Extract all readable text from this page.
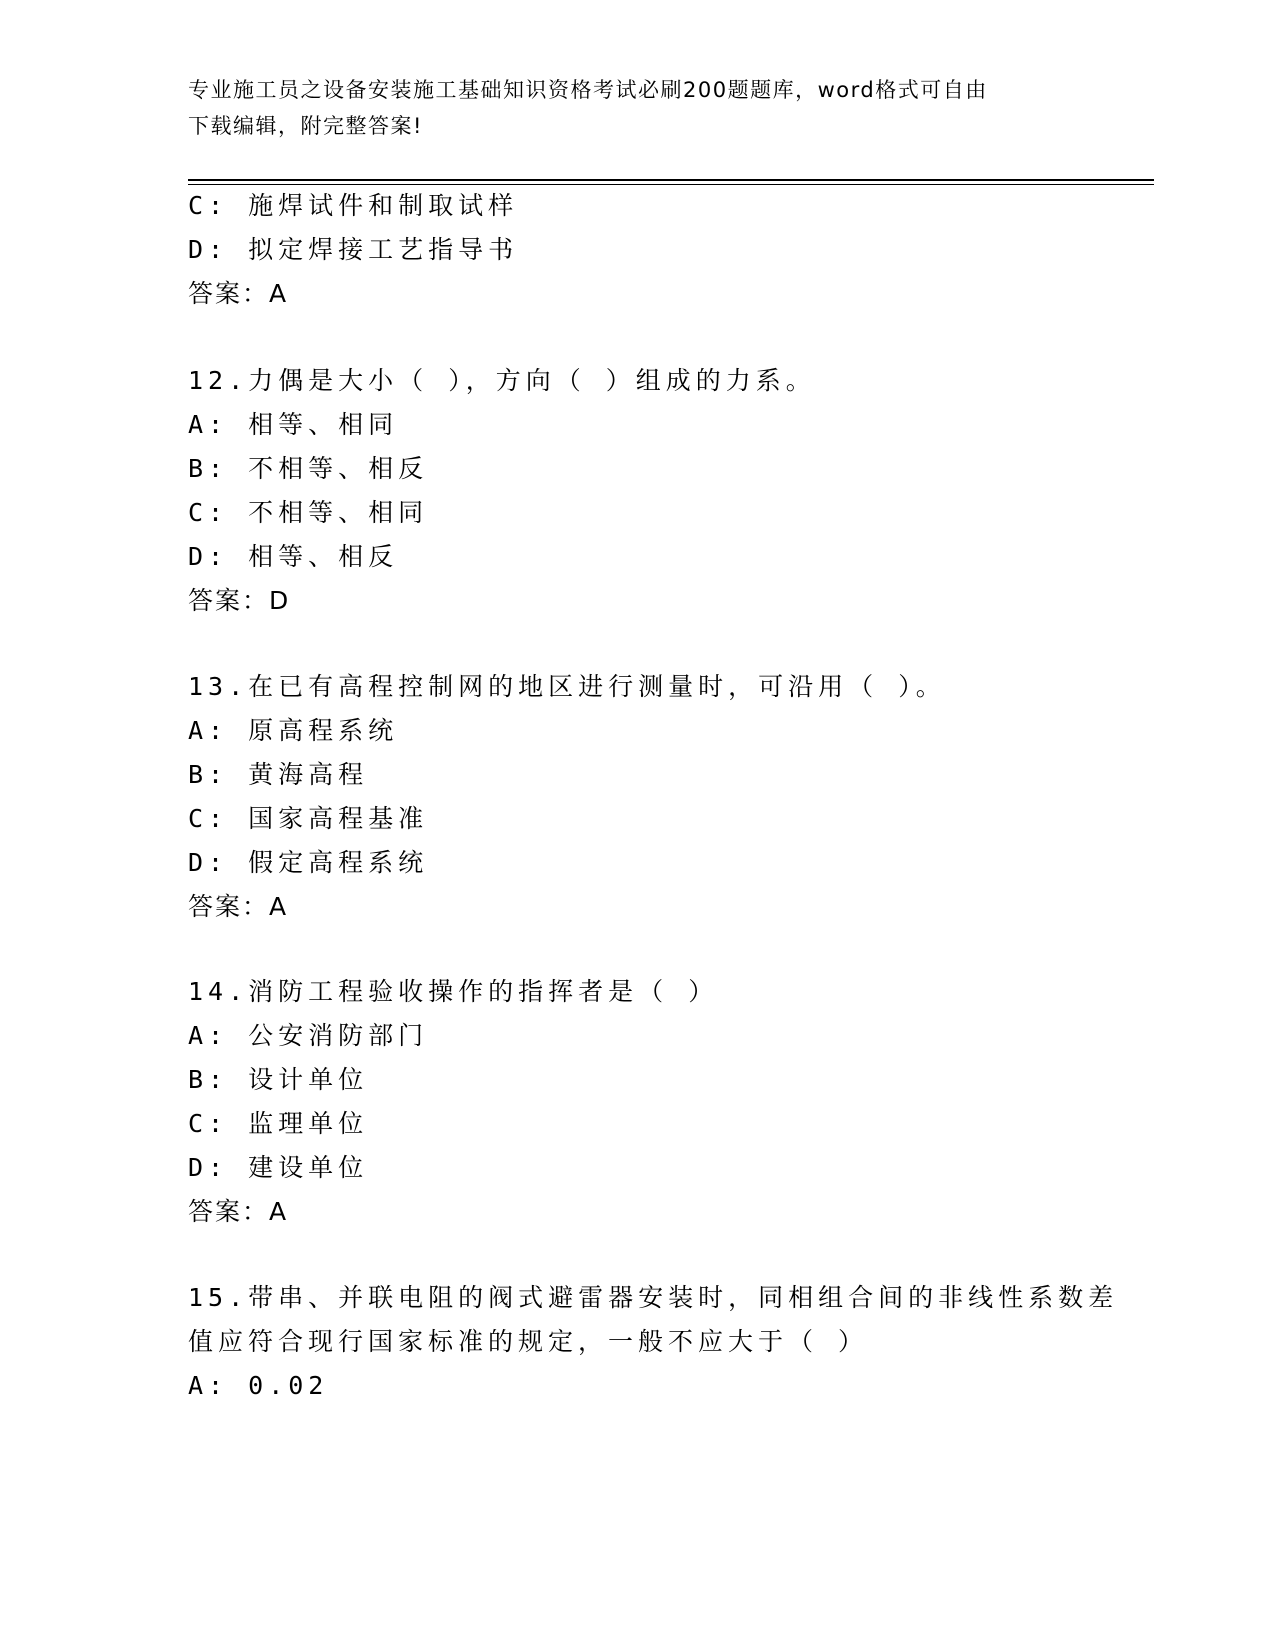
专业施工员之设备安装施工基础知识资格考试必刷200题题库，word格式可自由
下载编辑，附完整答案!
C: 施焊试件和制取试样
D: 拟定焊接工艺指导书
答案：A
12.力偶是大小（ ），方向（ ）组成的力系。
A: 相等、相同
B: 不相等、相反
C: 不相等、相同
D: 相等、相反
答案：D
13.在已有高程控制网的地区进行测量时，可沿用（ ）。
A: 原高程系统
B: 黄海高程
C: 国家高程基准
D: 假定高程系统
答案：A
14.消防工程验收操作的指挥者是（ ）
A: 公安消防部门
B: 设计单位
C: 监理单位
D: 建设单位
答案：A
15.带串、并联电阻的阀式避雷器安装时，同相组合间的非线性系数差
值应符合现行国家标准的规定，一般不应大于（ ）
A: 0.02
